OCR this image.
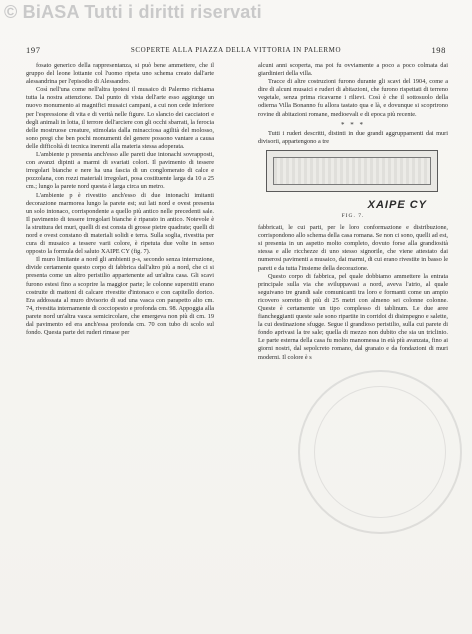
© BiASA Tutti i diritti riservati
197	SCOPERTE ALLA PIAZZA DELLA VITTORIA IN PALERMO	198

fosato generico della rappresentanza, si può bene ammettere, che il gruppo del leone lottante col l'uomo ripeta uno schema creato dall'arte alessandrina per l'episodio di Alessandro.

Così nell'una come nell'altra ipotesi il musaico di Palermo richiama tutta la nostra attenzione. Dal punto di vista dell'arte esso aggiunge un nuovo monumento ai magnifici musaici campani, a cui non cede inferiore per l'espressione di vita e di verità nelle figure. Lo slancio dei cacciatori e degli animali in lotta, il terrore dell'arciere con gli occhi sbarrati, la ferocia delle mostruose creature, stimolata dalla minacciosa agilità del molosso, sono pregi che ben pochi monumenti del genere possono vantare a causa delle difficoltà di tecnica inerenti alla materia stessa adoperata.

L'ambiente p presenta anch'esso alle pareti due intonachi sovrapposti, con avanzi dipinti a marmi di svariati colori. Il pavimento di tessere irregolari bianche e nere ha una fascia di un conglomerato di calce e pozzolana, con rozzi materiali irregolari, posa costituente larga da 10 a 25 cm.; lungo la parete nord questa è larga circa un metro.

L'ambiente p è rivestito anch'esso di due intonachi imitanti decorazione marmorea lungo la parete est; sui lati nord e ovest presenta un solo intonaco, corrispondente a quello più antico nelle precedenti sale. Il pavimento di tessere irregolari bianche è riparato in antico. Notevole è la struttura dei muri, quelli di est consta di grosse pietre quadrate; quelli di nord e ovest constano di materiali solidi e terra. Sulla soglia, rivestita per cura di musaico a tessere varii colore, è ripetuta due volte in senso opposto la formula del saluto XAIPE CY (fig. 7).

Il muro limitante a nord gli ambienti p-s, secondo senza interruzione, divide certamente questo corpo di fabbrica dall'altro più a nord, che ci si presenta come un altro peristilio appartenente ad un'altra casa. Gli scavi furono estesi fino a scoprire la maggior parte; le colonne superstiti erano costruite di mattoni di calcare rivestite d'intonaco e con capitello dorico. Era addossata al muro divisorio di sud una vasca con parapetto alto cm. 74, rivestita internamente di cocciopesto e profonda cm. 98. Appoggia alla parete nord un'altra vasca semicircolare, che emergeva non più di cm. 19 dal pavimento ed era anch'essa profonda cm. 70 con tubo di scolo sul fondo. Questa parte dei ruderi rimase per

alcuni anni scoperta, ma poi fu ovviamente a poco a poco colmata dai giardinieri della villa.

Tracce di altre costruzioni furono durante gli scavi del 1904, come a dire di alcuni musaici e ruderi di abitazioni, che furono rispettati di terreno vegetale, senza prima ricavarne i rilievi. Così è che il sottosuolo della odierna Villa Bonanno fu allora tastato qua e là, e dovunque si scoprirono rovine di abitazioni romane, medioevali e di epoca più recente.

* * *

Tutti i ruderi descritti, distinti in due grandi aggruppamenti dai muri divisorii, appartengono a tre

XAIPE CY
FIG. 7.

fabbricati, le cui parti, per le loro conformazione e distribuzione, corrispondono allo schema della casa romana. Se non ci sono, quelli ad est, si presenta in un aspetto molto completo, dovuto forse alla grandiosità stessa e alle ricchezze di uno stesso signorile, che viene attestato dai numerosi pavimenti a musaico, dai marmi, di cui erano rivestite in basso le pareti e da tutta l'insieme della decorazione.

Questo corpo di fabbrica, pel quale dobbiamo ammettere la entrata principale sulla via che sviluppavasi a nord, aveva l'atrio, al quale seguivano tre grandi sale comunicanti tra loro e formanti come un ampio ricovero sorretto di più di 25 metri con almeno sei colonne colonne. Queste è certamente un tipo complesso di tablinum. Le due aree fiancheggianti queste sale sono ripartite in corridoi di disimpegno e salette, la cui destinazione sfugge. Segue il grandioso peristilio, sulla cui parete di fondo aprivasi la tre sale; quella di mezzo non dubito che sia un triclinio. Le parte esterna della casa fu molto manomessa in età più avanzata, fino ai giorni nostri, dal sepolcreto romano, dal granaio e da fondazioni di muri moderni. Il colore è s
